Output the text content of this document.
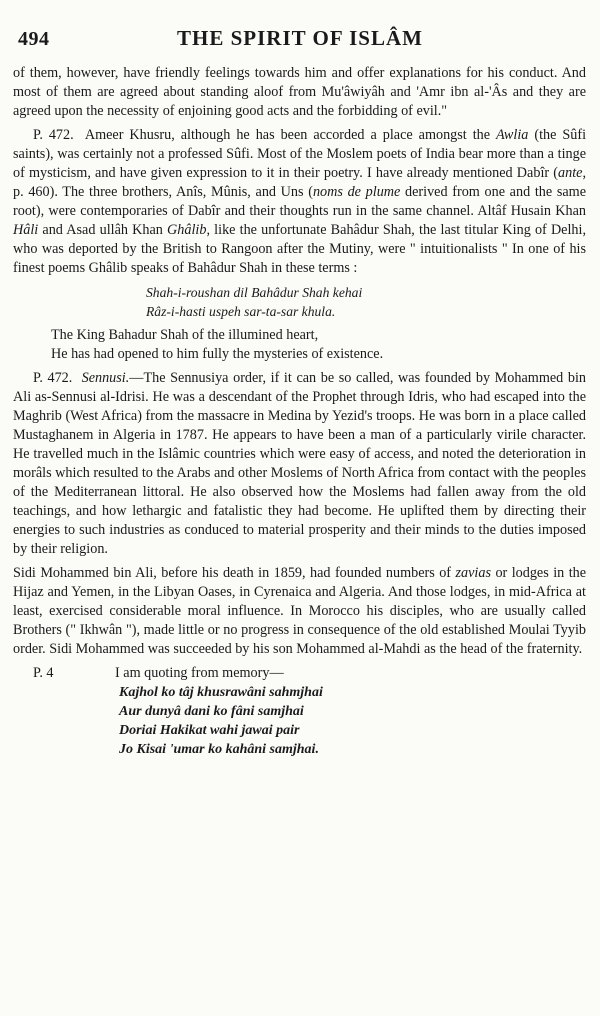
494	THE SPIRIT OF ISLÂM

of them, however, have friendly feelings towards him and offer explanations for his conduct. And most of them are agreed about standing aloof from Mu'âwiyâh and 'Amr ibn al-'Âs and they are agreed upon the necessity of enjoining good acts and the forbidding of evil."

P. 472. Ameer Khusru, although he has been accorded a place amongst the Awlia (the Sûfi saints), was certainly not a professed Sûfi. Most of the Moslem poets of India bear more than a tinge of mysticism, and have given expression to it in their poetry. I have already mentioned Dabîr (ante, p. 460). The three brothers, Anîs, Mûnis, and Uns (noms de plume derived from one and the same root), were contemporaries of Dabîr and their thoughts run in the same channel. Altâf Husain Khan Hâli and Asad ullâh Khan Ghâlib, like the unfortunate Bahâdur Shah, the last titular King of Delhi, who was deported by the British to Rangoon after the Mutiny, were " intuitionalists " In one of his finest poems Ghâlib speaks of Bahâdur Shah in these terms :

Shah-i-roushan dil Bahâdur Shah kehai
Râz-i-hasti uspeh sar-ta-sar khula.
The King Bahadur Shah of the illumined heart,
He has had opened to him fully the mysteries of existence.

P. 472. Sennusi.—The Sennusiya order, if it can be so called, was founded by Mohammed bin Ali as-Sennusi al-Idrisi. He was a descendant of the Prophet through Idris, who had escaped into the Maghrib (West Africa) from the massacre in Medina by Yezid's troops. He was born in a place called Mustaghanem in Algeria in 1787. He appears to have been a man of a particularly virile character. He travelled much in the Islâmic countries which were easy of access, and noted the deterioration in morâls which resulted to the Arabs and other Moslems of North Africa from contact with the peoples of the Mediterranean littoral. He also observed how the Moslems had fallen away from the old teachings, and how lethargic and fatalistic they had become. He uplifted them by directing their energies to such industries as conduced to material prosperity and their minds to the duties imposed by their religion.

Sidi Mohammed bin Ali, before his death in 1859, had founded numbers of zavias or lodges in the Hijaz and Yemen, in the Libyan Oases, in Cyrenaica and Algeria. And those lodges, in mid-Africa at least, exercised considerable moral influence. In Morocco his disciples, who are usually called Brothers (" Ikhwân "), made little or no progress in consequence of the old established Moulai Tyyib order. Sidi Mohammed was succeeded by his son Mohammed al-Mahdi as the head of the fraternity.

P. 4	I am quoting from memory—
Kajhol ko tâj khusrawâni sahmjhai
Aur dunyâ dani ko fâni samjhai
Doriai Hakikat wahi jawai pair
Jo Kisai 'umar ko kahâni samjhai.
